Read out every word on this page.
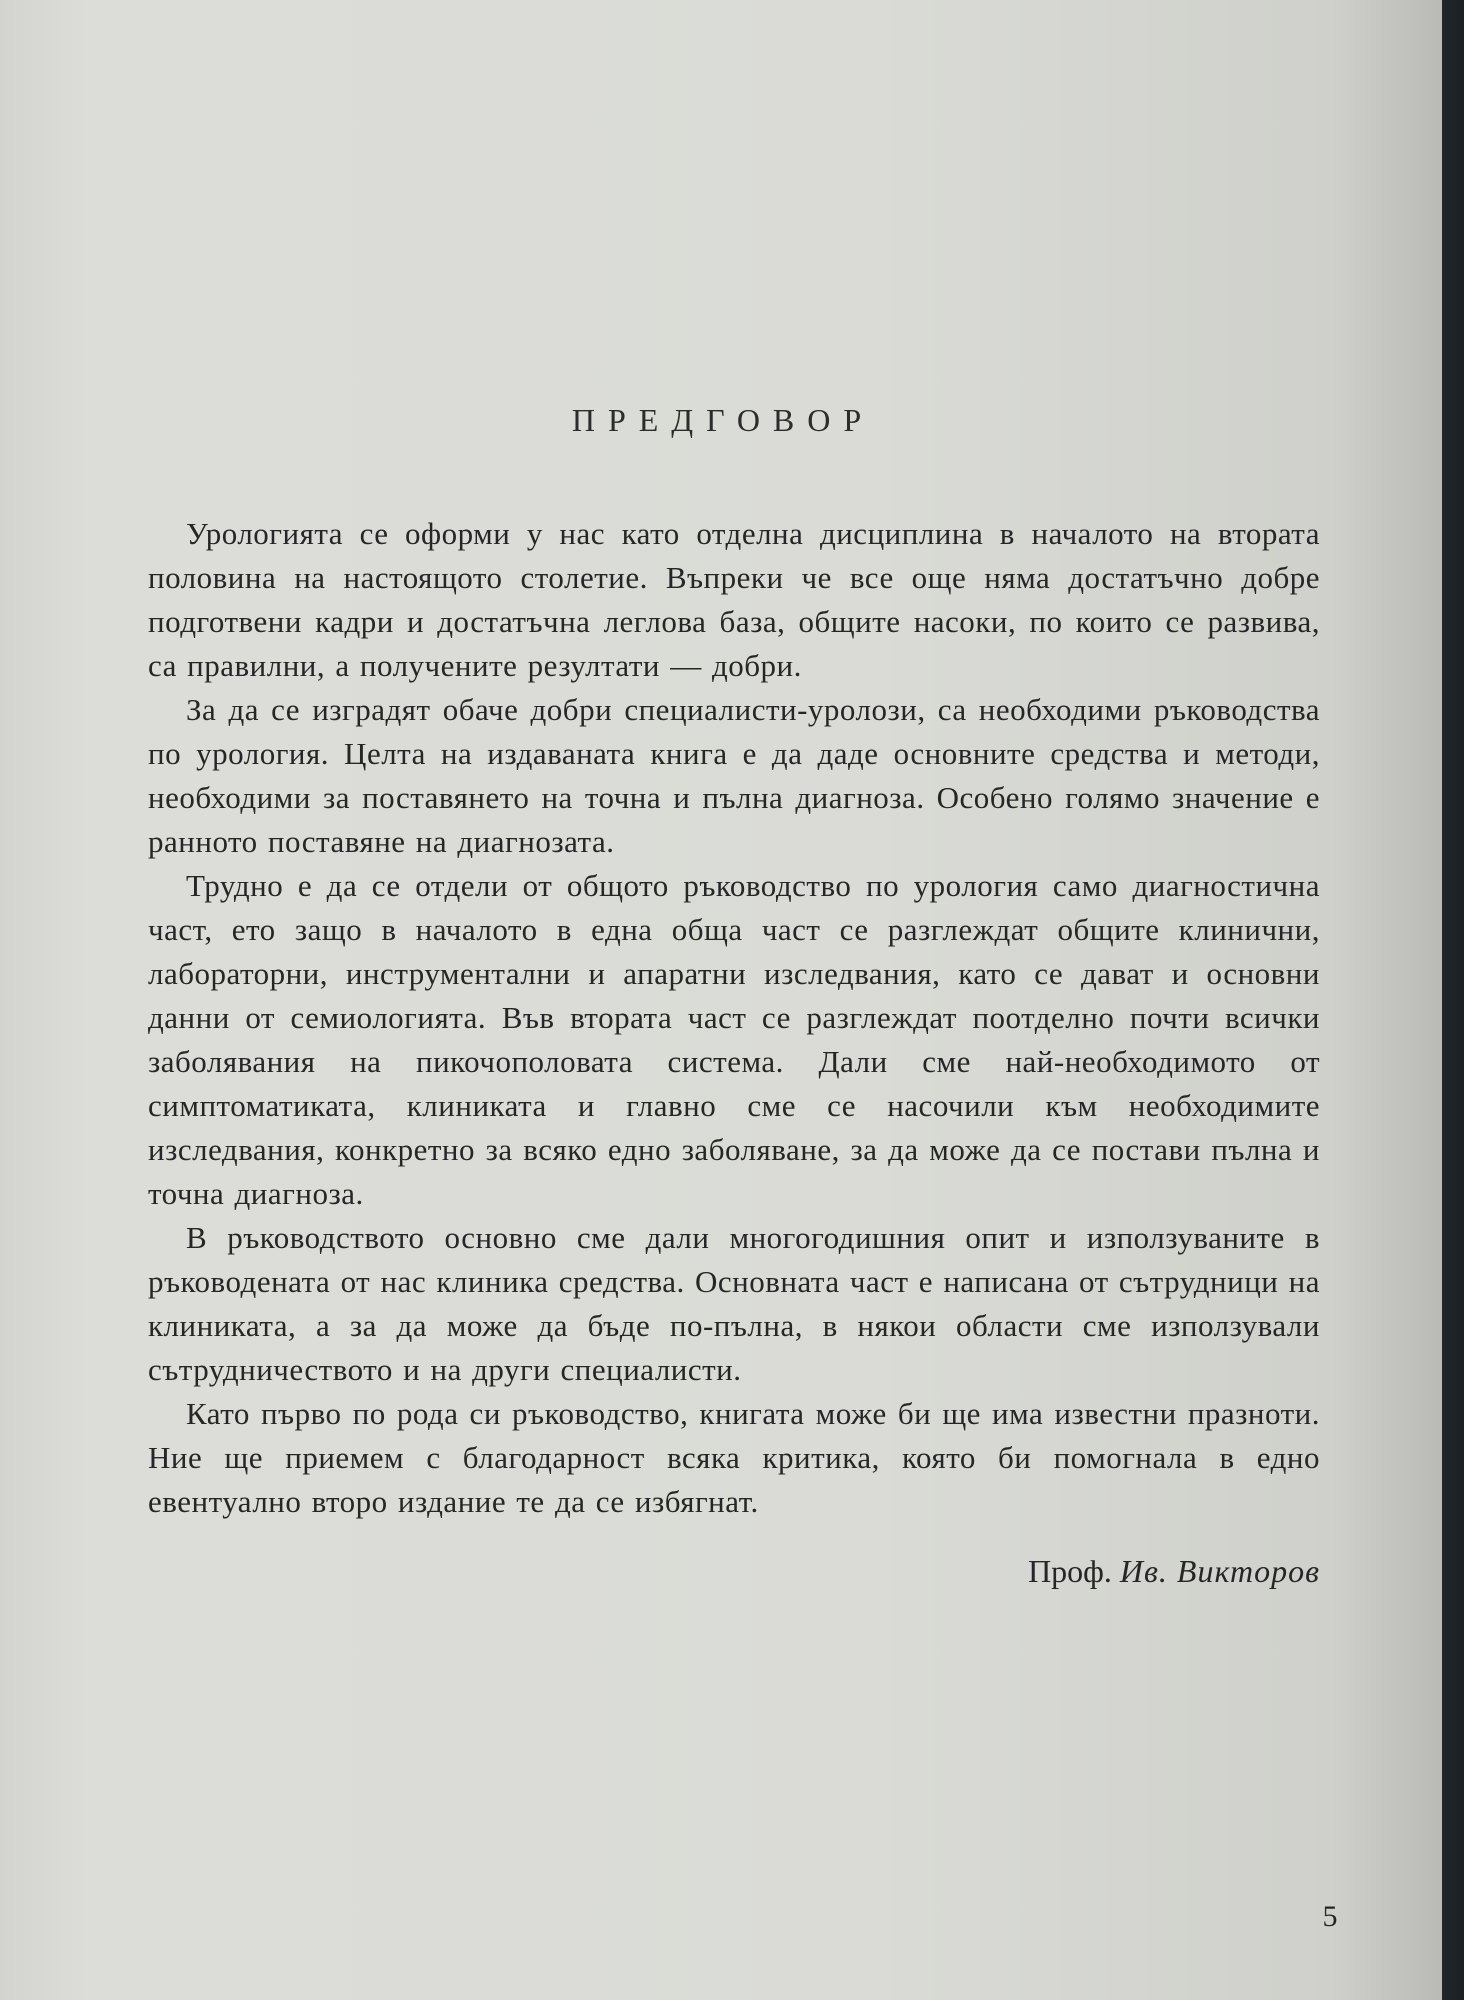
ПРЕДГОВОР

Урологията се оформи у нас като отделна дисциплина в началото на втората половина на настоящото столетие. Въпреки че все още няма достатъчно добре подготвени кадри и достатъчна леглова база, общите насоки, по които се развива, са правилни, а получените резултати — добри.

За да се изградят обаче добри специалисти-уролози, са необходими ръководства по урология. Целта на издаваната книга е да даде основните средства и методи, необходими за поставянето на точна и пълна диагноза. Особено голямо значение е ранното поставяне на диагнозата.

Трудно е да се отдели от общото ръководство по урология само диагностична част, ето защо в началото в една обща част се разглеждат общите клинични, лабораторни, инструментални и апаратни изследвания, като се дават и основни данни от семиологията. Във втората част се разглеждат поотделно почти всички заболявания на пикочополовата система. Дали сме най-необходимото от симптоматиката, клиниката и главно сме се насочили към необходимите изследвания, конкретно за всяко едно заболяване, за да може да се постави пълна и точна диагноза.

В ръководството основно сме дали многогодишния опит и използуваните в ръководената от нас клиника средства. Основната част е написана от сътрудници на клиниката, а за да може да бъде по-пълна, в някои области сме използували сътрудничеството и на други специалисти.

Като първо по рода си ръководство, книгата може би ще има известни празноти. Ние ще приемем с благодарност всяка критика, която би помогнала в едно евентуално второ издание те да се избягнат.

Проф. Ив. Викторов
5
